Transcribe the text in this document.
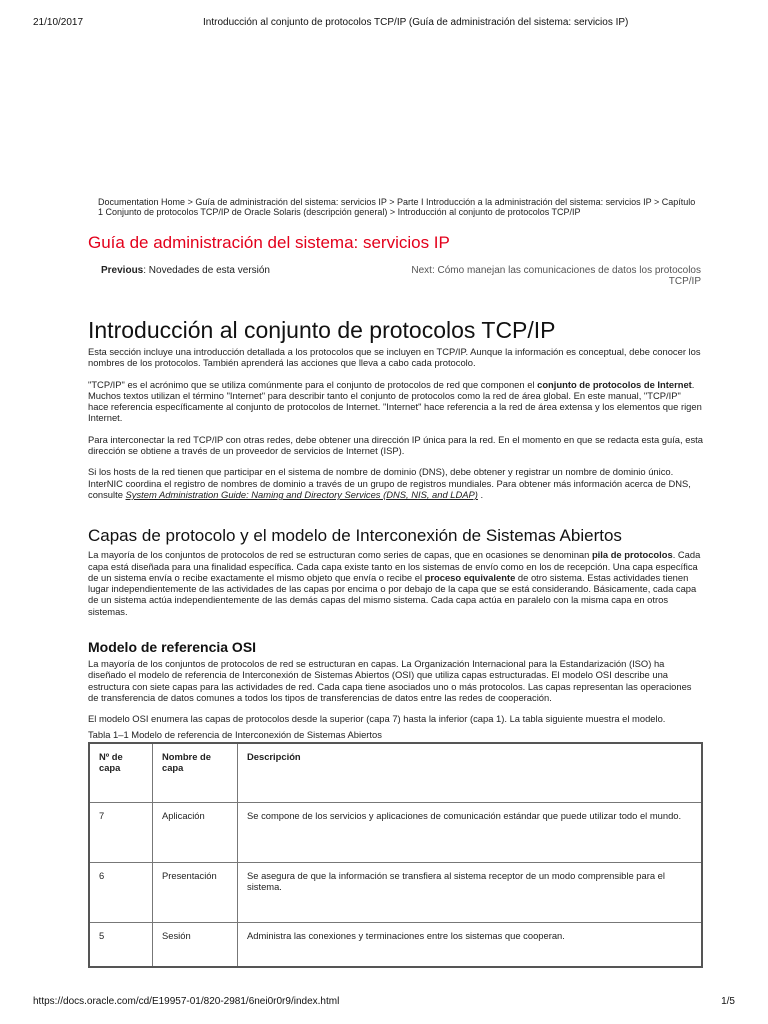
21/10/2017	Introducción al conjunto de protocolos TCP/IP (Guía de administración del sistema: servicios IP)
Documentation Home > Guía de administración del sistema: servicios IP > Parte I Introducción a la administración del sistema: servicios IP > Capítulo 1 Conjunto de protocolos TCP/IP de Oracle Solaris (descripción general) > Introducción al conjunto de protocolos TCP/IP
Guía de administración del sistema: servicios IP
Previous: Novedades de esta versión	Next: Cómo manejan las comunicaciones de datos los protocolos TCP/IP
Introducción al conjunto de protocolos TCP/IP

Esta sección incluye una introducción detallada a los protocolos que se incluyen en TCP/IP. Aunque la información es conceptual, debe conocer los nombres de los protocolos. También aprenderá las acciones que lleva a cabo cada protocolo.

"TCP/IP" es el acrónimo que se utiliza comúnmente para el conjunto de protocolos de red que componen el conjunto de protocolos de Internet. Muchos textos utilizan el término "Internet" para describir tanto el conjunto de protocolos como la red de área global. En este manual, "TCP/IP" hace referencia específicamente al conjunto de protocolos de Internet. "Internet" hace referencia a la red de área extensa y los elementos que rigen Internet.

Para interconectar la red TCP/IP con otras redes, debe obtener una dirección IP única para la red. En el momento en que se redacta esta guía, esta dirección se obtiene a través de un proveedor de servicios de Internet (ISP).

Si los hosts de la red tienen que participar en el sistema de nombre de dominio (DNS), debe obtener y registrar un nombre de dominio único. InterNIC coordina el registro de nombres de dominio a través de un grupo de registros mundiales. Para obtener más información acerca de DNS, consulte System Administration Guide: Naming and Directory Services (DNS, NIS, and LDAP) .

Capas de protocolo y el modelo de Interconexión de Sistemas Abiertos

La mayoría de los conjuntos de protocolos de red se estructuran como series de capas, que en ocasiones se denominan pila de protocolos. Cada capa está diseñada para una finalidad específica. Cada capa existe tanto en los sistemas de envío como en los de recepción. Una capa específica de un sistema envía o recibe exactamente el mismo objeto que envía o recibe el proceso equivalente de otro sistema. Estas actividades tienen lugar independientemente de las actividades de las capas por encima o por debajo de la capa que se está considerando. Básicamente, cada capa de un sistema actúa independientemente de las demás capas del mismo sistema. Cada capa actúa en paralelo con la misma capa en otros sistemas.

Modelo de referencia OSI

La mayoría de los conjuntos de protocolos de red se estructuran en capas. La Organización Internacional para la Estandarización (ISO) ha diseñado el modelo de referencia de Interconexión de Sistemas Abiertos (OSI) que utiliza capas estructuradas. El modelo OSI describe una estructura con siete capas para las actividades de red. Cada capa tiene asociados uno o más protocolos. Las capas representan las operaciones de transferencia de datos comunes a todos los tipos de transferencias de datos entre las redes de cooperación.

El modelo OSI enumera las capas de protocolos desde la superior (capa 7) hasta la inferior (capa 1). La tabla siguiente muestra el modelo.

Tabla 1–1 Modelo de referencia de Interconexión de Sistemas Abiertos
Nº de capa	Nombre de capa	Descripción
7	Aplicación	Se compone de los servicios y aplicaciones de comunicación estándar que puede utilizar todo el mundo.
6	Presentación	Se asegura de que la información se transfiera al sistema receptor de un modo comprensible para el sistema.
5	Sesión	Administra las conexiones y terminaciones entre los sistemas que cooperan.
https://docs.oracle.com/cd/E19957-01/820-2981/6nei0r0r9/index.html	1/5
